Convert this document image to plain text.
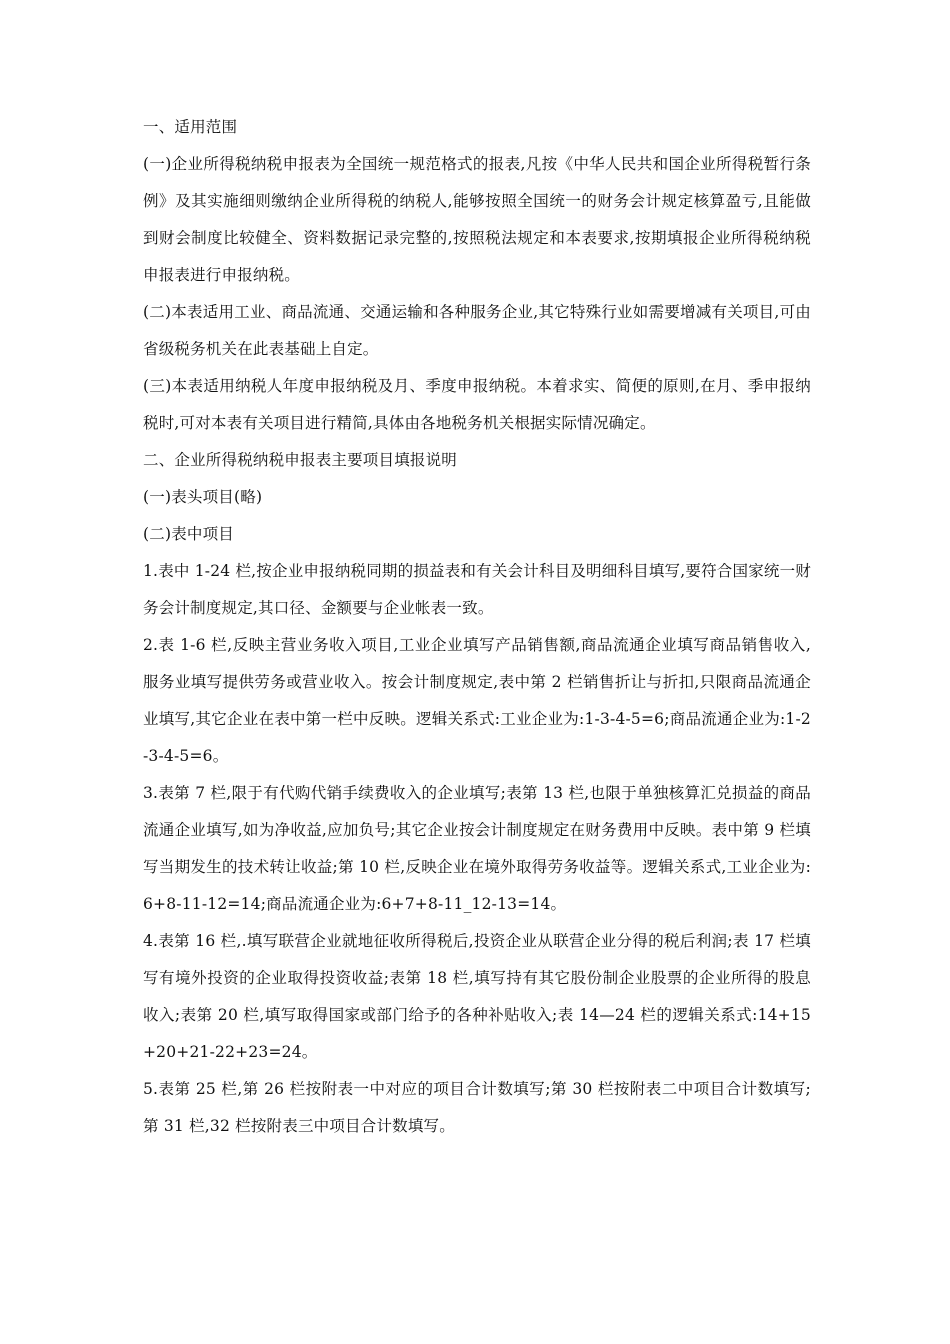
一、适用范围

(一)企业所得税纳税申报表为全国统一规范格式的报表,凡按《中华人民共和国企业所得税暂行条例》及其实施细则缴纳企业所得税的纳税人,能够按照全国统一的财务会计规定核算盈亏,且能做到财会制度比较健全、资料数据记录完整的,按照税法规定和本表要求,按期填报企业所得税纳税申报表进行申报纳税。

(二)本表适用工业、商品流通、交通运输和各种服务企业,其它特殊行业如需要增减有关项目,可由省级税务机关在此表基础上自定。

(三)本表适用纳税人年度申报纳税及月、季度申报纳税。本着求实、简便的原则,在月、季申报纳税时,可对本表有关项目进行精简,具体由各地税务机关根据实际情况确定。

二、企业所得税纳税申报表主要项目填报说明

(一)表头项目(略)

(二)表中项目

1.表中 1-24 栏,按企业申报纳税同期的损益表和有关会计科目及明细科目填写,要符合国家统一财务会计制度规定,其口径、金额要与企业帐表一致。

2.表 1-6 栏,反映主营业务收入项目,工业企业填写产品销售额,商品流通企业填写商品销售收入,服务业填写提供劳务或营业收入。按会计制度规定,表中第 2 栏销售折让与折扣,只限商品流通企业填写,其它企业在表中第一栏中反映。逻辑关系式:工业企业为:1-3-4-5=6;商品流通企业为:1-2-3-4-5=6。

3.表第 7 栏,限于有代购代销手续费收入的企业填写;表第 13 栏,也限于单独核算汇兑损益的商品流通企业填写,如为净收益,应加负号;其它企业按会计制度规定在财务费用中反映。表中第 9 栏填写当期发生的技术转让收益;第 10 栏,反映企业在境外取得劳务收益等。逻辑关系式,工业企业为:6+8-11-12=14;商品流通企业为:6+7+8-11_12-13=14。

4.表第 16 栏,.填写联营企业就地征收所得税后,投资企业从联营企业分得的税后利润;表 17 栏填写有境外投资的企业取得投资收益;表第 18 栏,填写持有其它股份制企业股票的企业所得的股息收入;表第 20 栏,填写取得国家或部门给予的各种补贴收入;表 14—24 栏的逻辑关系式:14+15+20+21-22+23=24。

5.表第 25 栏,第 26 栏按附表一中对应的项目合计数填写;第 30 栏按附表二中项目合计数填写;第 31 栏,32 栏按附表三中项目合计数填写。
